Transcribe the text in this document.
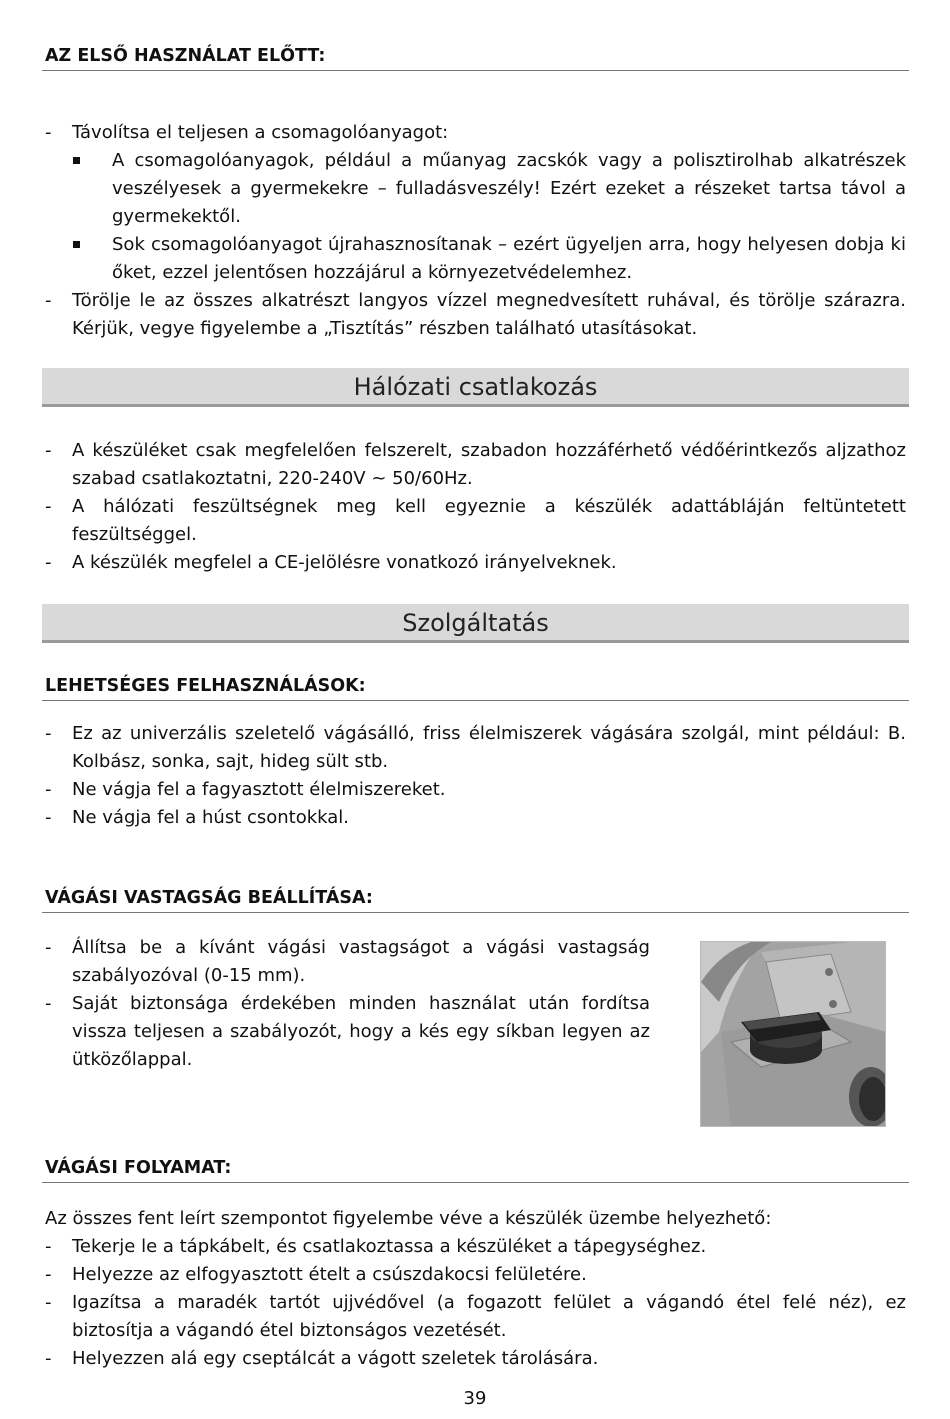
AZ ELSŐ HASZNÁLAT ELŐTT:
- Távolítsa el teljesen a csomagolóanyagot:
A csomagolóanyagok, például a műanyag zacskók vagy a polisztirolhab alkatrészek veszélyesek a gyermekekre – fulladásveszély! Ezért ezeket a részeket tartsa távol a gyermekektől.
Sok csomagolóanyagot újrahasznosítanak – ezért ügyeljen arra, hogy helyesen dobja ki őket, ezzel jelentősen hozzájárul a környezetvédelemhez.
- Törölje le az összes alkatrészt langyos vízzel megnedvesített ruhával, és törölje szárazra. Kérjük, vegye figyelembe a „Tisztítás” részben található utasításokat.
Hálózati csatlakozás
- A készüléket csak megfelelően felszerelt, szabadon hozzáférhető védőérintkezős aljzathoz szabad csatlakoztatni, 220-240V ~ 50/60Hz.
- A hálózati feszültségnek meg kell egyeznie a készülék adattábláján feltüntetett feszültséggel.
- A készülék megfelel a CE-jelölésre vonatkozó irányelveknek.
Szolgáltatás
LEHETSÉGES FELHASZNÁLÁSOK:
- Ez az univerzális szeletelő vágásálló, friss élelmiszerek vágására szolgál, mint például: B. Kolbász, sonka, sajt, hideg sült stb.
- Ne vágja fel a fagyasztott élelmiszereket.
- Ne vágja fel a húst csontokkal.
VÁGÁSI VASTAGSÁG BEÁLLÍTÁSA:
- Állítsa be a kívánt vágási vastagságot a vágási vastagság szabályozóval (0-15 mm).
- Saját biztonsága érdekében minden használat után fordítsa vissza teljesen a szabályozót, hogy a kés egy síkban legyen az ütközőlappal.
VÁGÁSI FOLYAMAT:
Az összes fent leírt szempontot figyelembe véve a készülék üzembe helyezhető:
- Tekerje le a tápkábelt, és csatlakoztassa a készüléket a tápegységhez.
- Helyezze az elfogyasztott ételt a csúszdakocsi felületére.
- Igazítsa a maradék tartót ujjvédővel (a fogazott felület a vágandó étel felé néz), ez biztosítja a vágandó étel biztonságos vezetését.
- Helyezzen alá egy cseptálcát a vágott szeletek tárolására.
39
